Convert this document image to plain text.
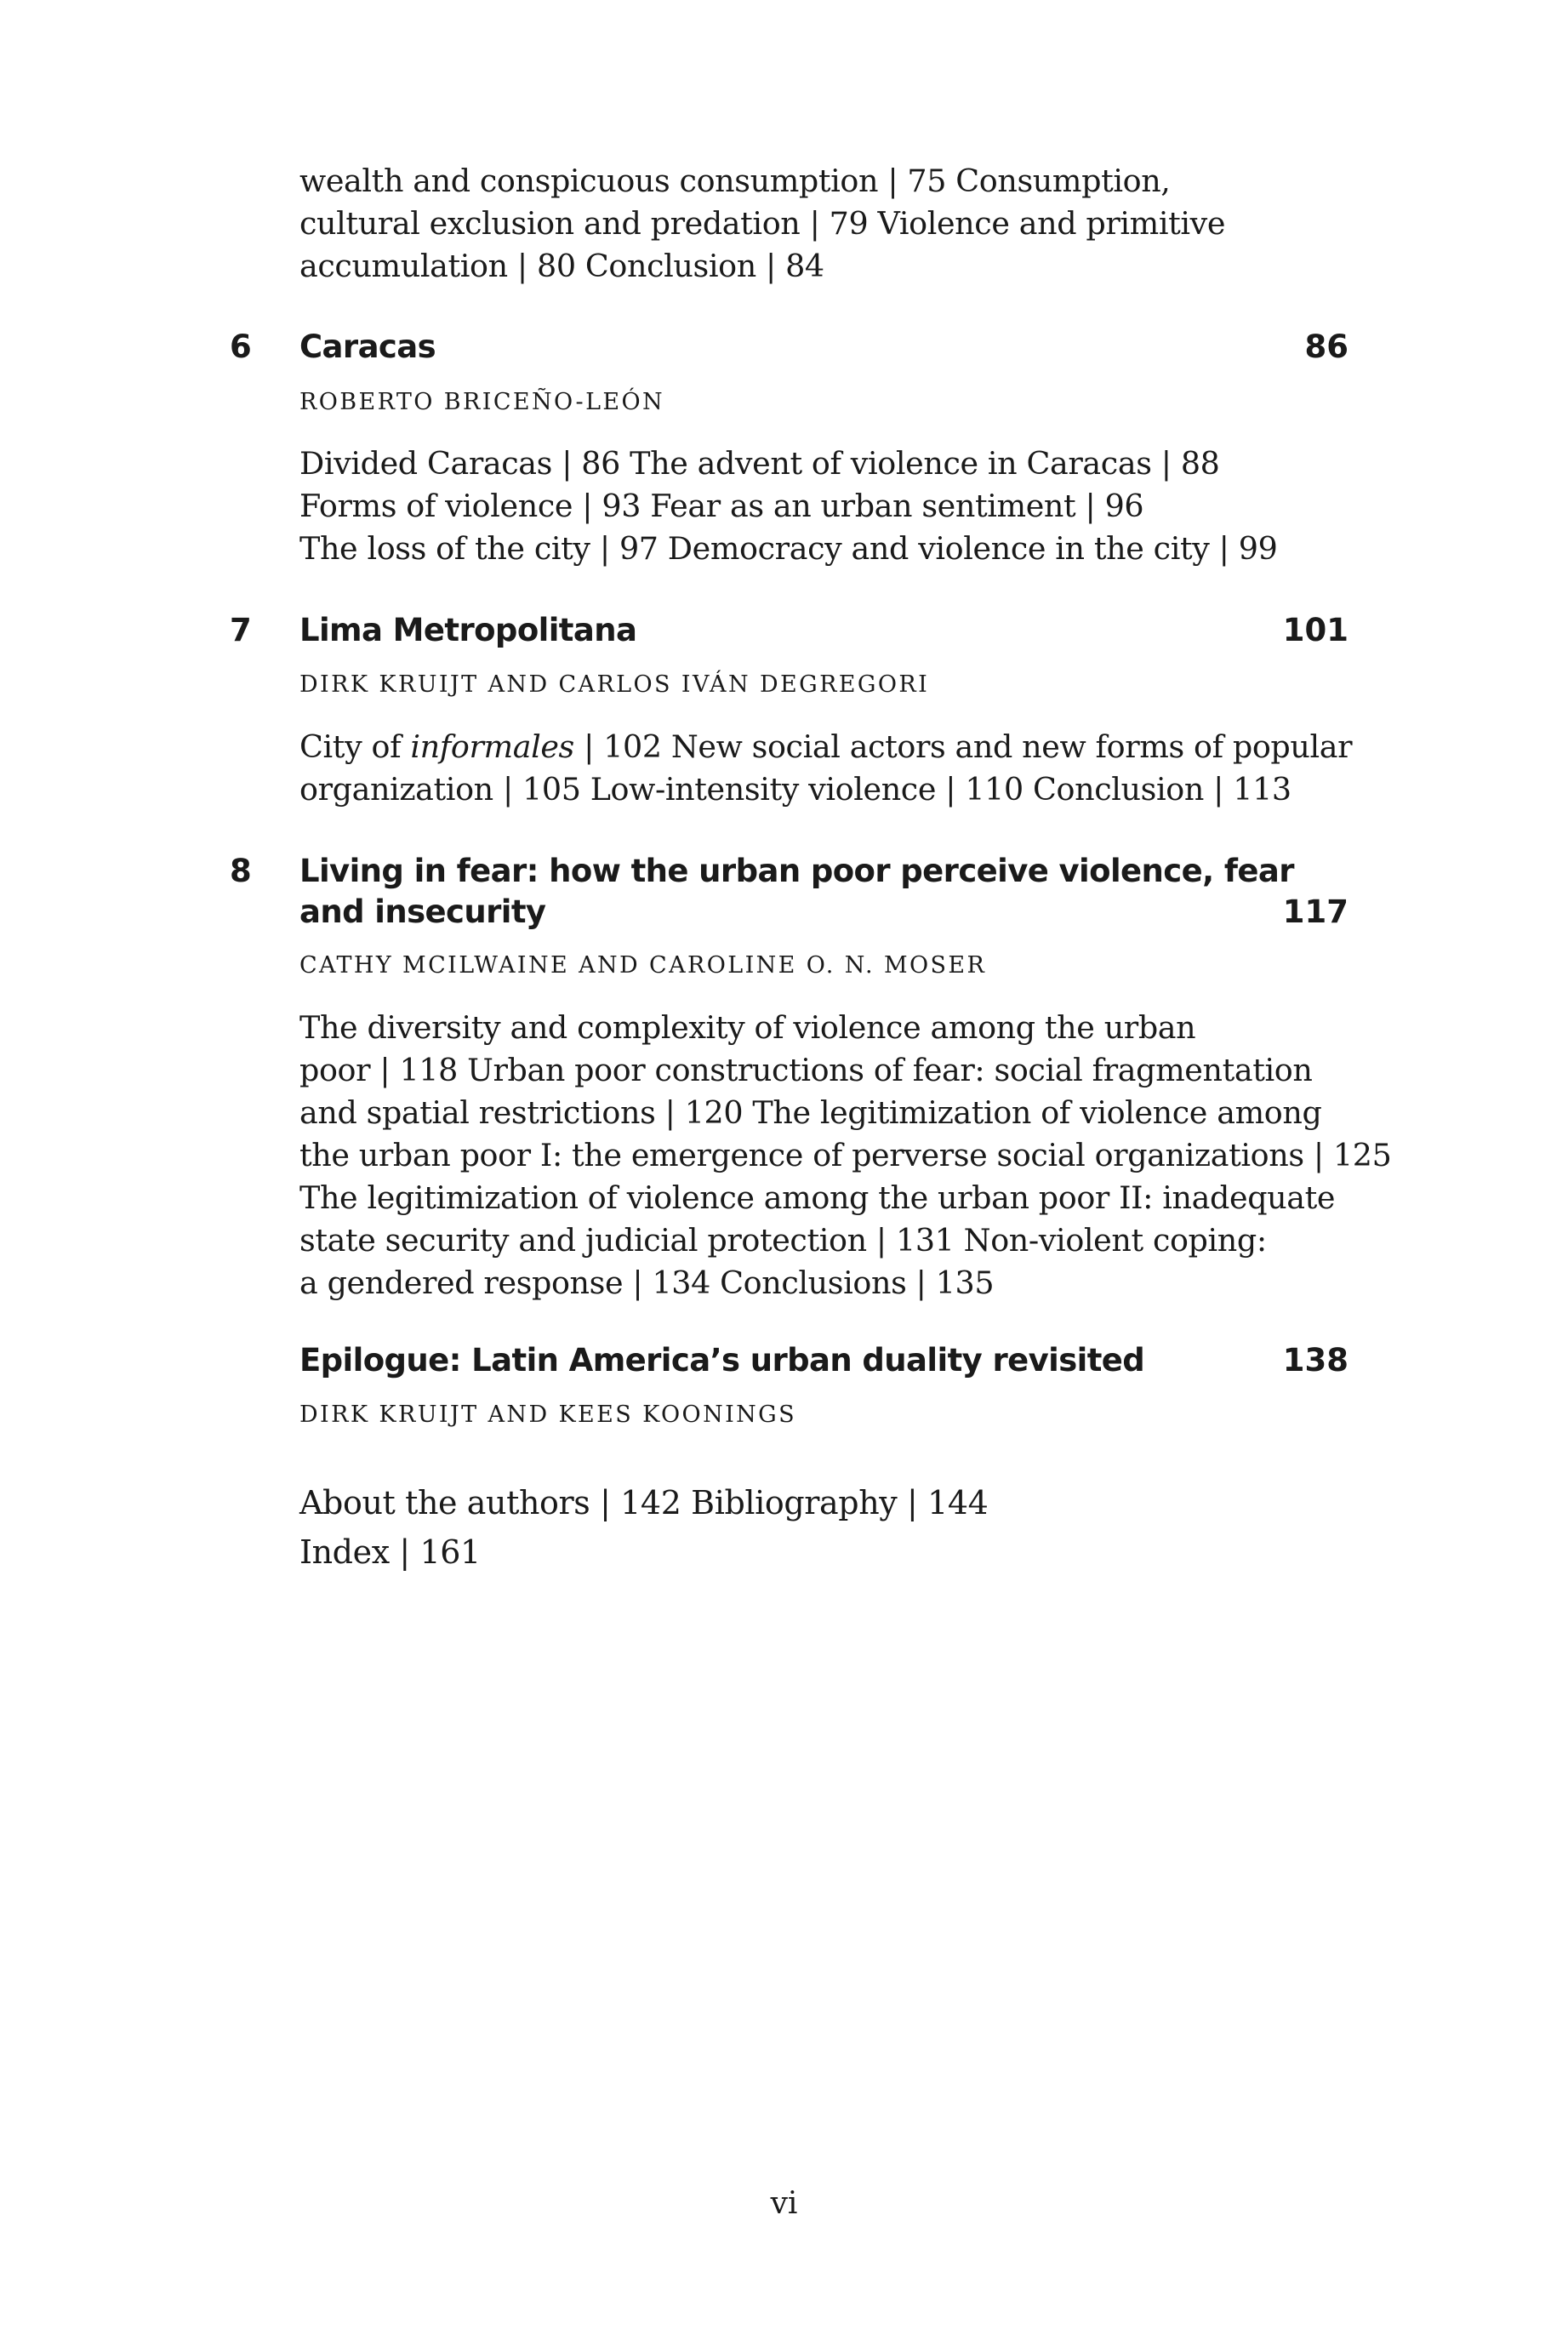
wealth and conspicuous consumption | 75 Consumption,
cultural exclusion and predation | 79 Violence and primitive
accumulation | 80 Conclusion | 84
6 Caracas	86
ROBERTO BRICEÑO-LEÓN
Divided Caracas | 86 The advent of violence in Caracas | 88
Forms of violence | 93 Fear as an urban sentiment | 96
The loss of the city | 97 Democracy and violence in the city | 99
7 Lima Metropolitana	101
DIRK KRUIJT AND CARLOS IVÁN DEGREGORI
City of informales | 102 New social actors and new forms of popular
organization | 105 Low-intensity violence | 110 Conclusion | 113
8 Living in fear: how the urban poor perceive violence, fear
and insecurity	117
CATHY MCILWAINE AND CAROLINE O. N. MOSER
The diversity and complexity of violence among the urban
poor | 118 Urban poor constructions of fear: social fragmentation
and spatial restrictions | 120 The legitimization of violence among
the urban poor I: the emergence of perverse social organizations | 125
The legitimization of violence among the urban poor II: inadequate
state security and judicial protection | 131 Non-violent coping:
a gendered response | 134 Conclusions | 135
Epilogue: Latin America’s urban duality revisited	138
DIRK KRUIJT AND KEES KOONINGS
About the authors | 142 Bibliography | 144
Index | 161
vi
